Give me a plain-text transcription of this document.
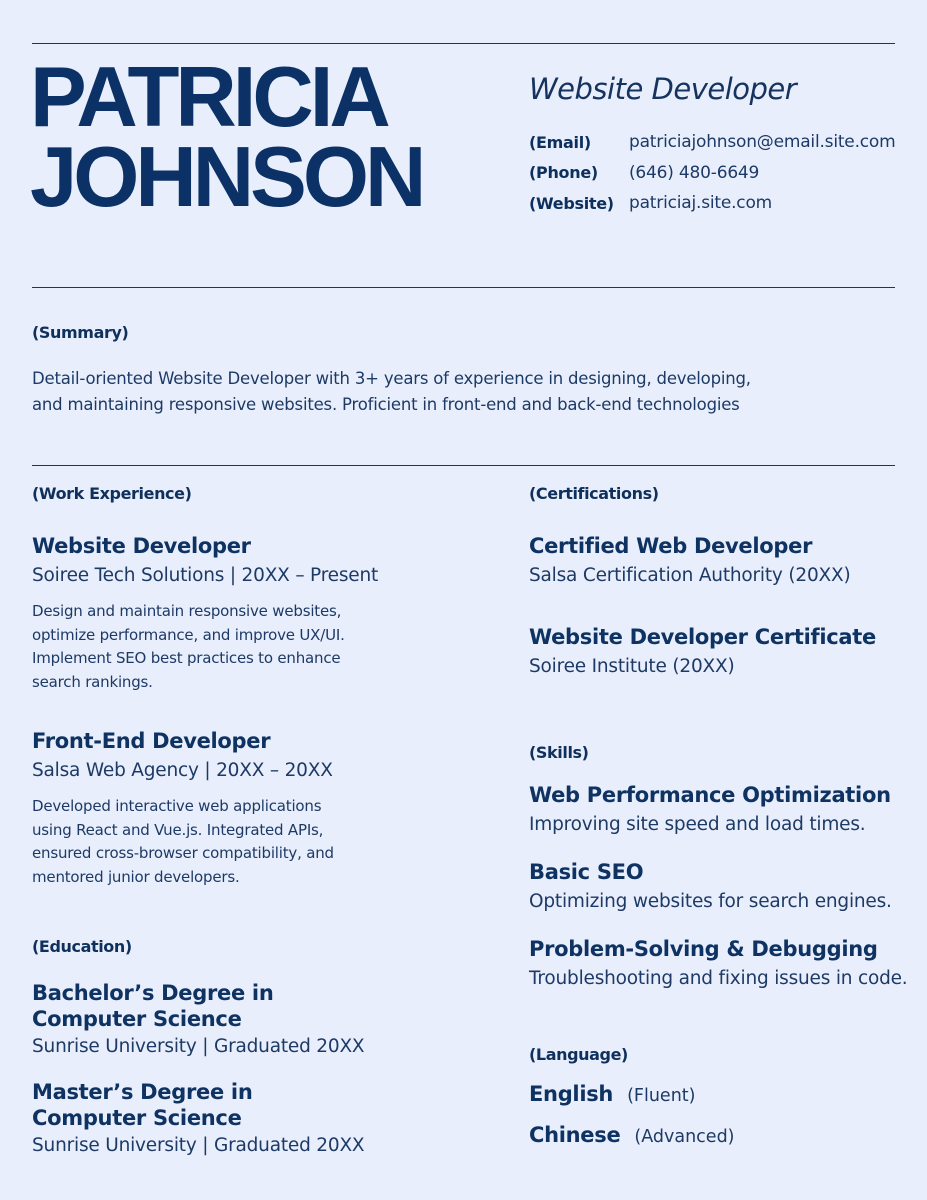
PATRICIA
JOHNSON
Website Developer
(Email)	patriciajohnson@email.site.com
(Phone)	(646) 480-6649
(Website) patriciaj.site.com
(Summary)
Detail-oriented Website Developer with 3+ years of experience in designing, developing,
and maintaining responsive websites. Proficient in front-end and back-end technologies
(Work Experience)
Website Developer
Soiree Tech Solutions | 20XX – Present
Design and maintain responsive websites,
optimize performance, and improve UX/UI.
Implement SEO best practices to enhance
search rankings.
Front-End Developer
Salsa Web Agency | 20XX – 20XX
Developed interactive web applications
using React and Vue.js. Integrated APIs,
ensured cross-browser compatibility, and
mentored junior developers.
(Education)
Bachelor’s Degree in
Computer Science
Sunrise University | Graduated 20XX
Master’s Degree in
Computer Science
Sunrise University | Graduated 20XX
(Certifications)
Certified Web Developer
Salsa Certification Authority (20XX)
Website Developer Certificate
Soiree Institute (20XX)
(Skills)
Web Performance Optimization
Improving site speed and load times.
Basic SEO
Optimizing websites for search engines.
Problem-Solving & Debugging
Troubleshooting and fixing issues in code.
(Language)
English (Fluent)
Chinese (Advanced)
